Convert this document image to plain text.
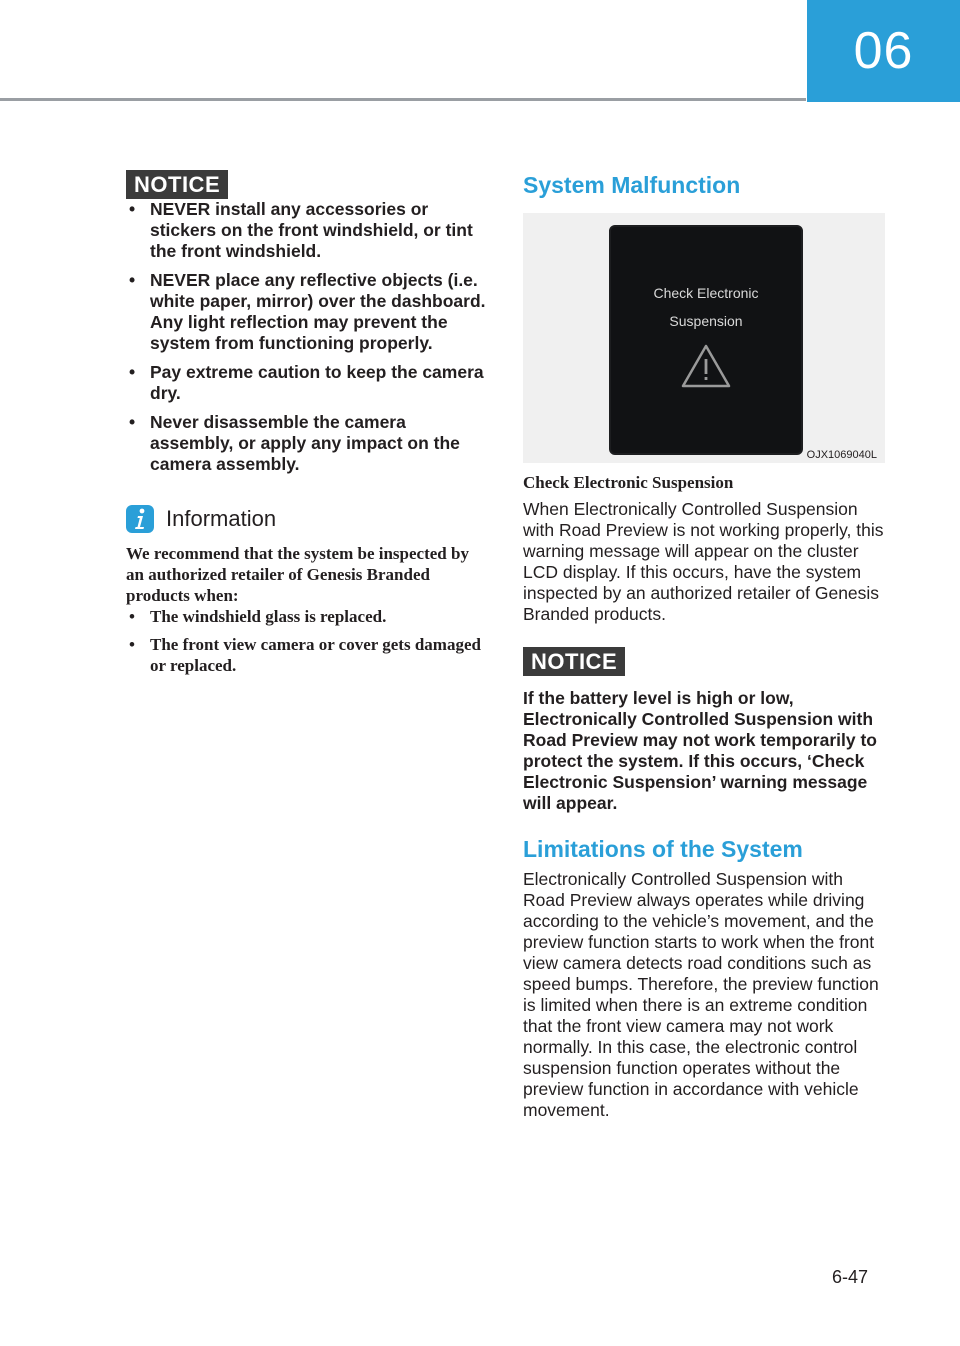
06
NOTICE
• NEVER install any accessories or stickers on the front windshield, or tint the front windshield.
• NEVER place any reflective objects (i.e. white paper, mirror) over the dashboard. Any light reflection may prevent the system from functioning properly.
• Pay extreme caution to keep the camera dry.
• Never disassemble the camera assembly, or apply any impact on the camera assembly.
Information
We recommend that the system be inspected by an authorized retailer of Genesis Branded products when:
• The windshield glass is replaced.
• The front view camera or cover gets damaged or replaced.
System Malfunction
Check Electronic
Suspension
OJX1069040L
Check Electronic Suspension
When Electronically Controlled Suspension with Road Preview is not working properly, this warning message will appear on the cluster LCD display. If this occurs, have the system inspected by an authorized retailer of Genesis Branded products.
NOTICE
If the battery level is high or low, Electronically Controlled Suspension with Road Preview may not work temporarily to protect the system. If this occurs, ‘Check Electronic Suspension’ warning message will appear.
Limitations of the System
Electronically Controlled Suspension with Road Preview always operates while driving according to the vehicle’s movement, and the preview function starts to work when the front view camera detects road conditions such as speed bumps. Therefore, the preview function is limited when there is an extreme condition that the front view camera may not work normally. In this case, the electronic control suspension function operates without the preview function in accordance with vehicle movement.
6-47
